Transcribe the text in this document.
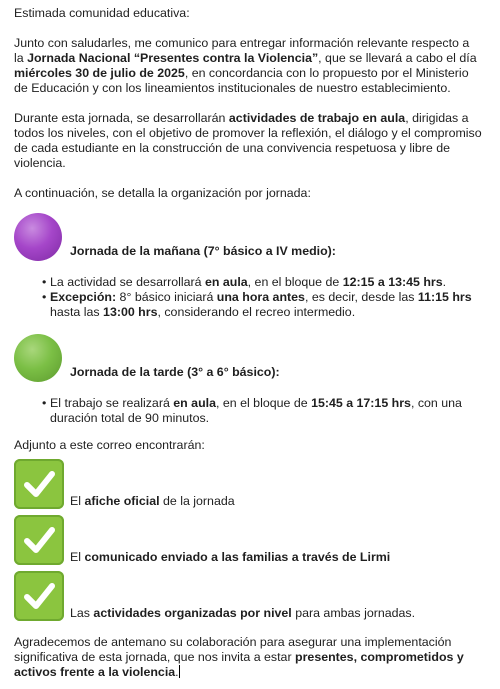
Estimada comunidad educativa:

Junto con saludarles, me comunico para entregar información relevante respecto a la Jornada Nacional “Presentes contra la Violencia”, que se llevará a cabo el día miércoles 30 de julio de 2025, en concordancia con lo propuesto por el Ministerio de Educación y con los lineamientos institucionales de nuestro establecimiento.

Durante esta jornada, se desarrollarán actividades de trabajo en aula, dirigidas a todos los niveles, con el objetivo de promover la reflexión, el diálogo y el compromiso de cada estudiante en la construcción de una convivencia respetuosa y libre de violencia.

A continuación, se detalla la organización por jornada:

Jornada de la mañana (7° básico a IV medio):
• La actividad se desarrollará en aula, en el bloque de 12:15 a 13:45 hrs.
• Excepción: 8° básico iniciará una hora antes, es decir, desde las 11:15 hrs hasta las 13:00 hrs, considerando el recreo intermedio.
Jornada de la tarde (3° a 6° básico):
• El trabajo se realizará en aula, en el bloque de 15:45 a 17:15 hrs, con una duración total de 90 minutos.

Adjunto a este correo encontrarán:

El afiche oficial de la jornada
El comunicado enviado a las familias a través de Lirmi
Las actividades organizadas por nivel para ambas jornadas.

Agradecemos de antemano su colaboración para asegurar una implementación significativa de esta jornada, que nos invita a estar presentes, comprometidos y activos frente a la violencia.
